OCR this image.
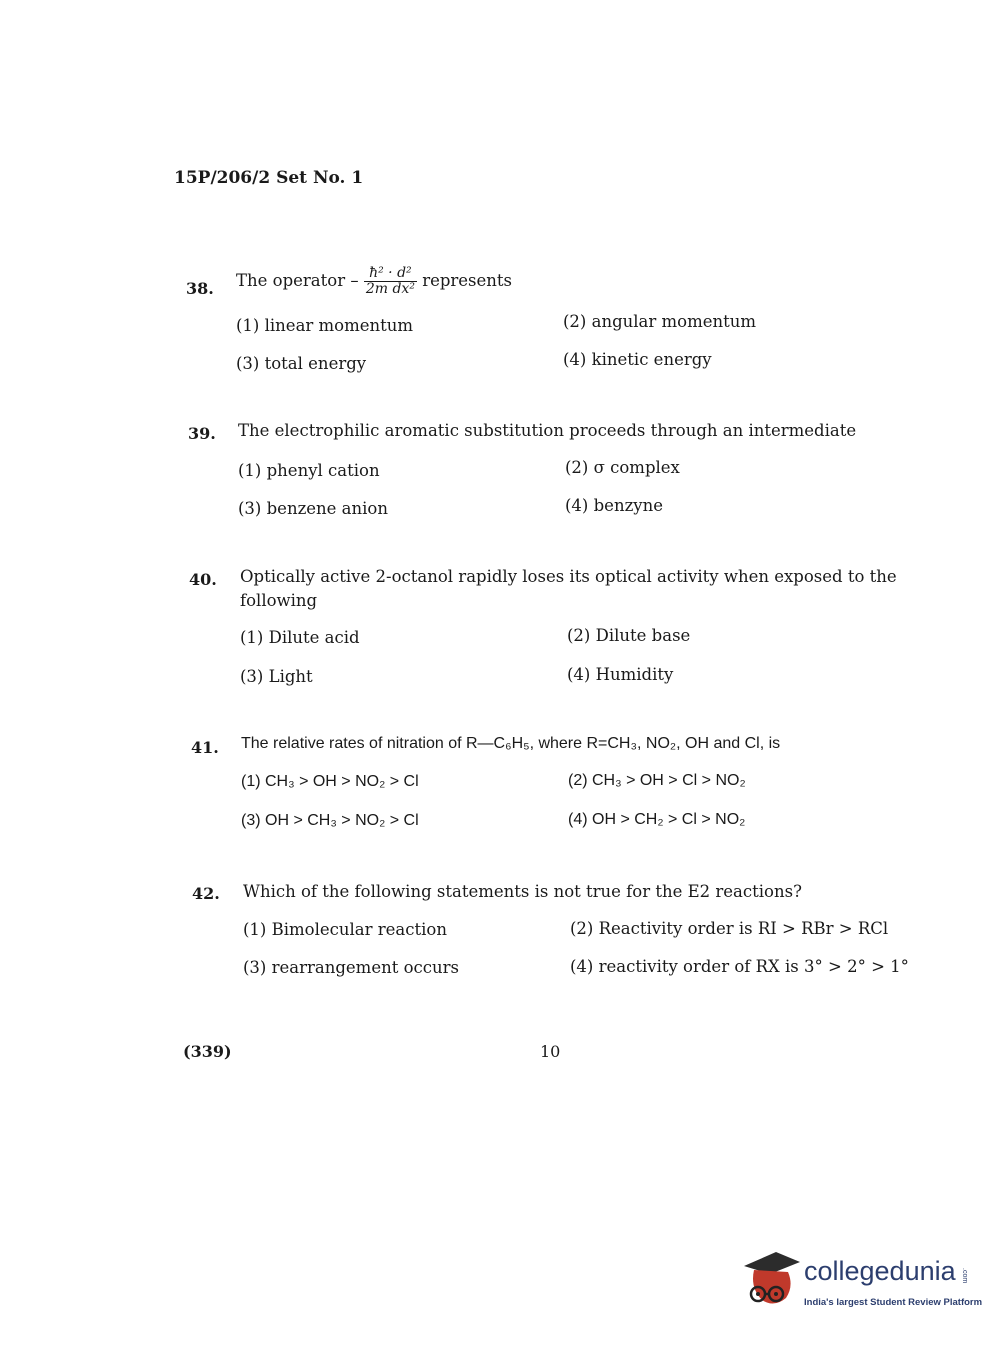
15P/206/2 Set No. 1
38. The operator – $\frac{\text{ħ² · d²}}{\text{2m dx²}}$ represents
(1) linear momentum	(2) angular momentum
(3) total energy	(4) kinetic energy
39. The electrophilic aromatic substitution proceeds through an intermediate
(1) phenyl cation	(2) σ complex
(3) benzene anion	(4) benzyne
40. Optically active 2-octanol rapidly loses its optical activity when exposed to the
following
(1) Dilute acid	(2) Dilute base
(3) Light	(4) Humidity
41. The relative rates of nitration of R—C₆H₅, where R=CH₃, NO₂, OH and Cl, is
(1) CH₃ > OH > NO₂ > Cl	(2) CH₃ > OH > Cl > NO₂
(3) OH > CH₃ > NO₂ > Cl	(4) OH > CH₂ > Cl > NO₂
42. Which of the following statements is not true for the E2 reactions?
(1) Bimolecular reaction	(2) Reactivity order is RI > RBr > RCl
(3) rearrangement occurs	(4) reactivity order of RX is 3° > 2° > 1°
(339)	10
collegedunia .com
India's largest Student Review Platform
